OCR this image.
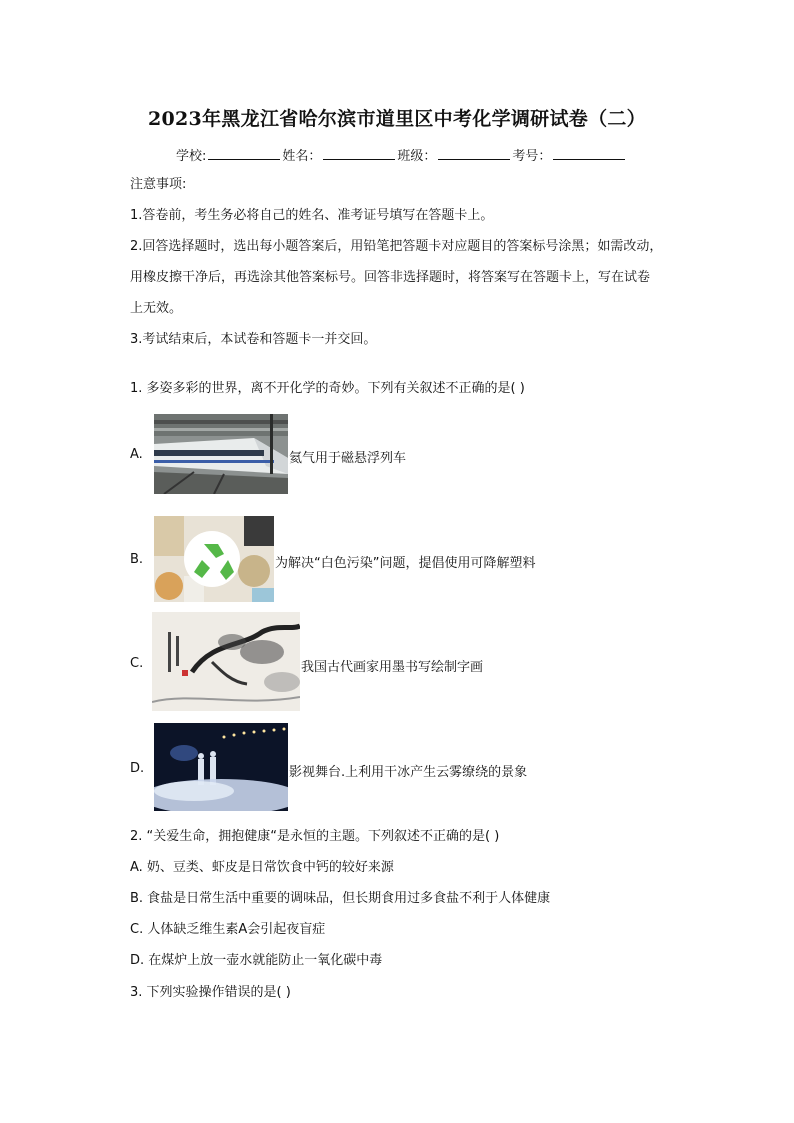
2023年黑龙江省哈尔滨市道里区中考化学调研试卷（二）
学校:	姓名：	班级：	考号：
注意事项:
1.答卷前，考生务必将自己的姓名、准考证号填写在答题卡上。
2.回答选择题时，选出每小题答案后，用铅笔把答题卡对应题目的答案标号涂黑；如需改动，
用橡皮擦干净后，再选涂其他答案标号。回答非选择题时，将答案写在答题卡上，写在试卷
上无效。
3.考试结束后，本试卷和答题卡一并交回。
1. 多姿多彩的世界，离不开化学的奇妙。下列有关叙述不正确的是( )
A.	氦气用于磁悬浮列车
B.	为解决“白色污染”问题，提倡使用可降解塑料
C.	我国古代画家用墨书写绘制字画
D.	影视舞台.上利用干冰产生云雾缭绕的景象
2. “关爱生命，拥抱健康“是永恒的主题。下列叙述不正确的是( )
A. 奶、豆类、虾皮是日常饮食中钙的较好来源
B. 食盐是日常生活中重要的调味品，但长期食用过多食盐不利于人体健康
C. 人体缺乏维生素A会引起夜盲症
D. 在煤炉上放一壶水就能防止一氧化碳中毒
3. 下列实验操作错误的是( )
